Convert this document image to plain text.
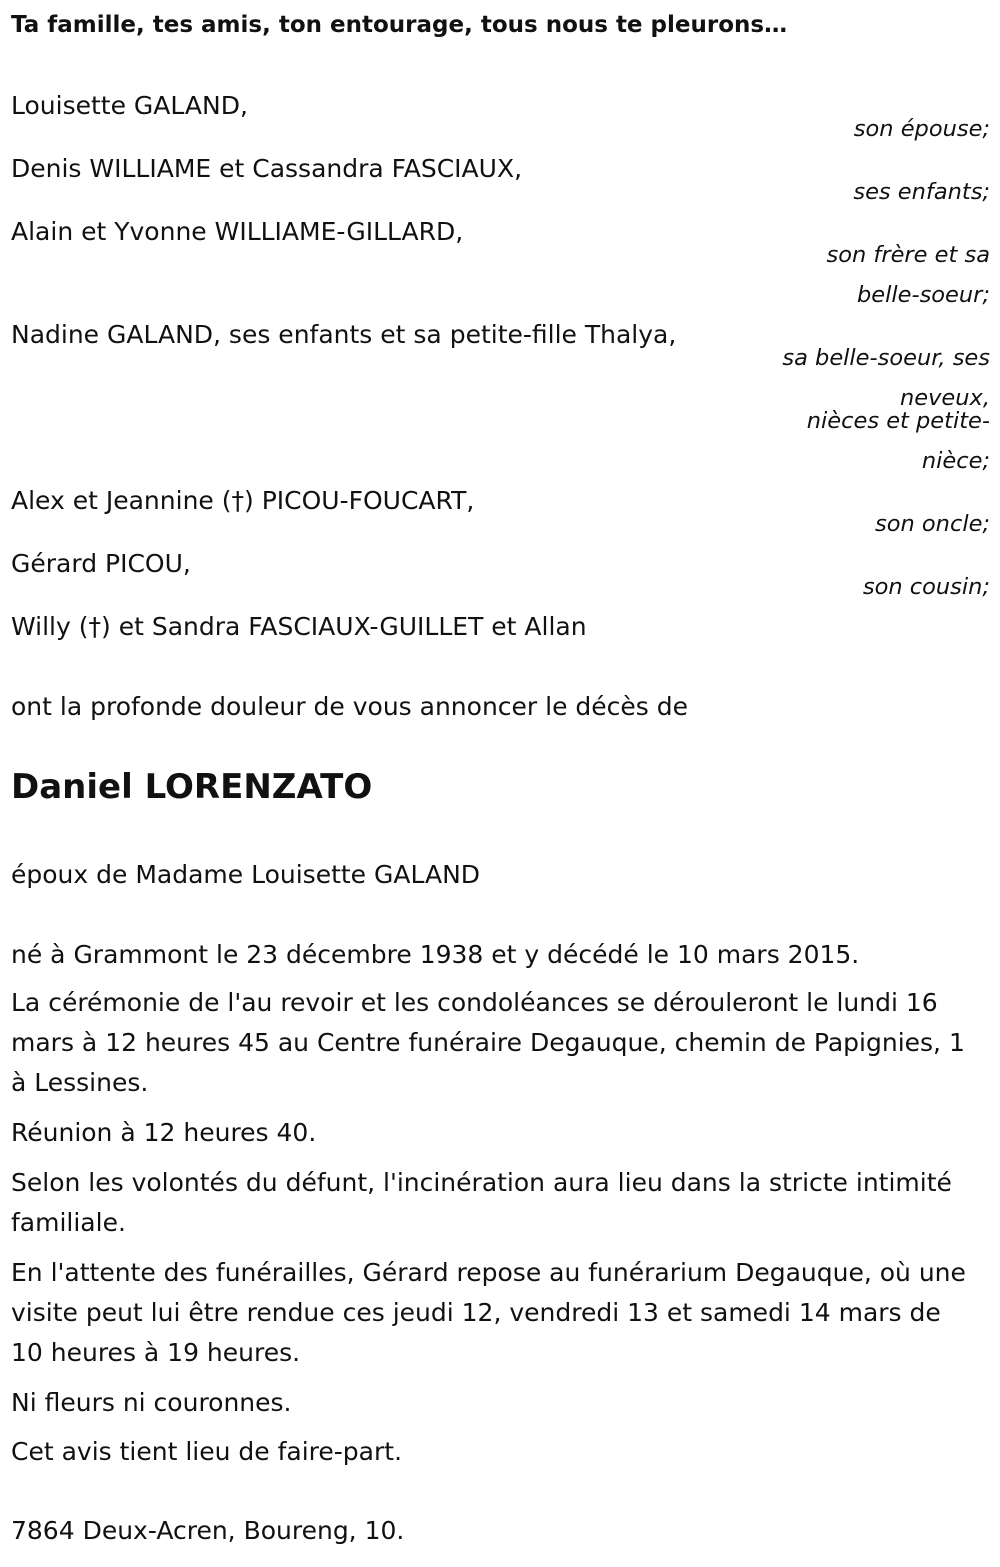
Ta famille, tes amis, ton entourage, tous nous te pleurons…
Louisette GALAND,
son épouse;
Denis WILLIAME et Cassandra FASCIAUX,
ses enfants;
Alain et Yvonne WILLIAME-GILLARD,
son frère et sa
belle-soeur;
Nadine GALAND, ses enfants et sa petite-fille Thalya,
sa belle-soeur, ses
neveux,
nièces et petite-
nièce;
Alex et Jeannine (†) PICOU-FOUCART,
son oncle;
Gérard PICOU,
son cousin;
Willy (†) et Sandra FASCIAUX-GUILLET et Allan
ont la profonde douleur de vous annoncer le décès de
Daniel LORENZATO
époux de Madame Louisette GALAND
né à Grammont le 23 décembre 1938 et y décédé le 10 mars 2015.
La cérémonie de l'au revoir et les condoléances se dérouleront le lundi 16 mars à 12 heures 45 au Centre funéraire Degauque, chemin de Papignies, 1 à Lessines.
Réunion à 12 heures 40.
Selon les volontés du défunt, l'incinération aura lieu dans la stricte intimité familiale.
En l'attente des funérailles, Gérard repose au funérarium Degauque, où une visite peut lui être rendue ces jeudi 12, vendredi 13 et samedi 14 mars de 10 heures à 19 heures.
Ni fleurs ni couronnes.
Cet avis tient lieu de faire-part.
7864 Deux-Acren, Boureng, 10.
